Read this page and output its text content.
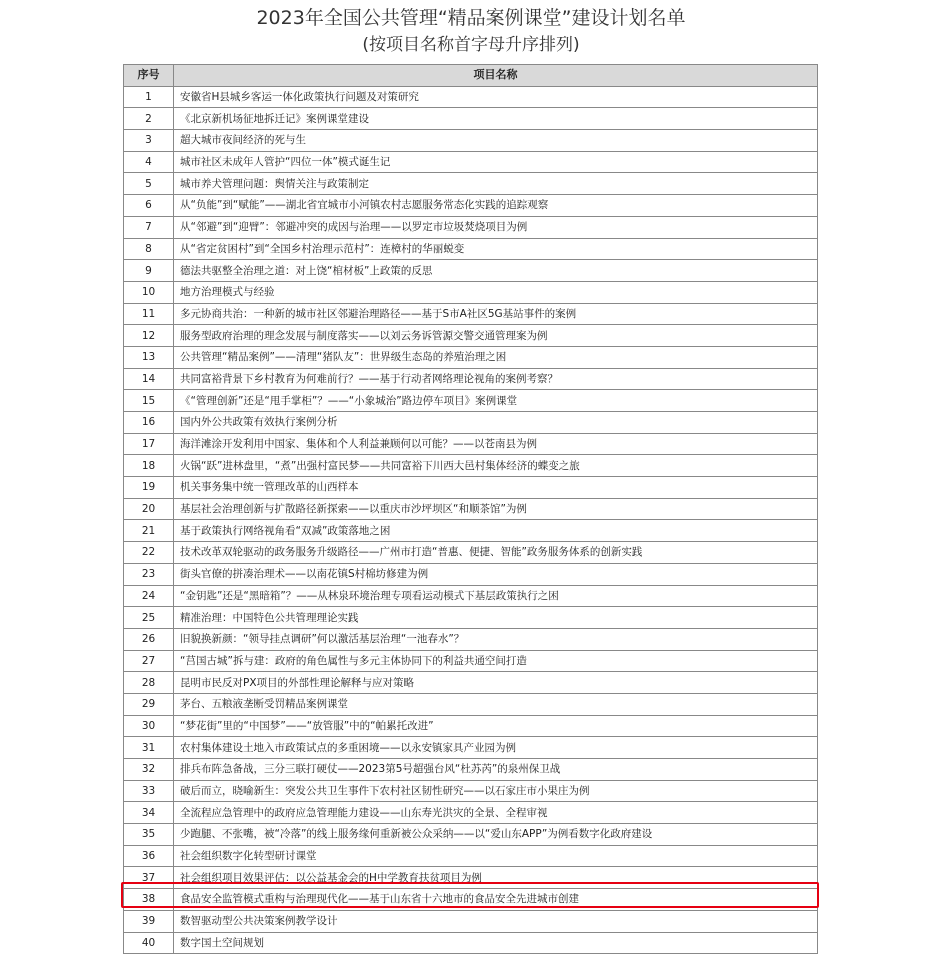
2023年全国公共管理“精品案例课堂”建设计划名单
(按项目名称首字母升序排列)
序号	项目名称
1	安徽省H县城乡客运一体化政策执行问题及对策研究
2	《北京新机场征地拆迁记》案例课堂建设
3	超大城市夜间经济的死与生
4	城市社区未成年人管护“四位一体”模式诞生记
5	城市养犬管理问题：舆情关注与政策制定
6	从“负能”到“赋能”——湖北省宜城市小河镇农村志愿服务常态化实践的追踪观察
7	从“邻避”到“迎臂”：邻避冲突的成因与治理——以罗定市垃圾焚烧项目为例
8	从“省定贫困村”到“全国乡村治理示范村”：连樟村的华丽蜕变
9	德法共驱整全治理之道：对上饶“棺材板”上政策的反思
10	地方治理模式与经验
11	多元协商共治：一种新的城市社区邻避治理路径——基于S市A社区5G基站事件的案例
12	服务型政府治理的理念发展与制度落实——以刘云务诉管源交警交通管理案为例
13	公共管理“精品案例”——清理“猪队友”：世界级生态岛的养殖治理之困
14	共同富裕背景下乡村教育为何难前行？——基于行动者网络理论视角的案例考察？
15	《“管理创新”还是“甩手掌柜”？——“小象城治”路边停车项目》案例课堂
16	国内外公共政策有效执行案例分析
17	海洋滩涂开发利用中国家、集体和个人利益兼顾何以可能？——以苍南县为例
18	火锅“跃”进林盘里，“煮”出强村富民梦——共同富裕下川西大邑村集体经济的蝶变之旅
19	机关事务集中统一管理改革的山西样本
20	基层社会治理创新与扩散路径新探索——以重庆市沙坪坝区“和顺茶馆”为例
21	基于政策执行网络视角看“双减”政策落地之困
22	技术改革双轮驱动的政务服务升级路径——广州市打造“普惠、便捷、智能”政务服务体系的创新实践
23	街头官僚的拼凑治理术——以南花镇S村棉坊修建为例
24	“金钥匙”还是“黑暗箱”？——从林泉环境治理专项看运动模式下基层政策执行之困
25	精准治理：中国特色公共管理理论实践
26	旧貌换新颜：“领导挂点调研”何以激活基层治理“一池春水”？
27	“莒国古城”拆与建：政府的角色属性与多元主体协同下的利益共通空间打造
28	昆明市民反对PX项目的外部性理论解释与应对策略
29	茅台、五粮液垄断受罚精品案例课堂
30	“梦花街”里的“中国梦”——“放管服”中的“帕累托改进”
31	农村集体建设土地入市政策试点的多重困境——以永安镇家具产业园为例
32	排兵布阵急备战，三分三联打硬仗——2023第5号超强台风“杜苏芮”的泉州保卫战
33	破后而立，晓喻新生：突发公共卫生事件下农村社区韧性研究——以石家庄市小果庄为例
34	全流程应急管理中的政府应急管理能力建设——山东寿光洪灾的全景、全程审视
35	少跑腿、不张嘴，被“冷落”的线上服务缘何重新被公众采纳——以“爱山东APP”为例看数字化政府建设
36	社会组织数字化转型研讨课堂
37	社会组织项目效果评估：以公益基金会的H中学教育扶贫项目为例
38	食品安全监管模式重构与治理现代化——基于山东省十六地市的食品安全先进城市创建
39	数智驱动型公共决策案例教学设计
40	数字国土空间规划
